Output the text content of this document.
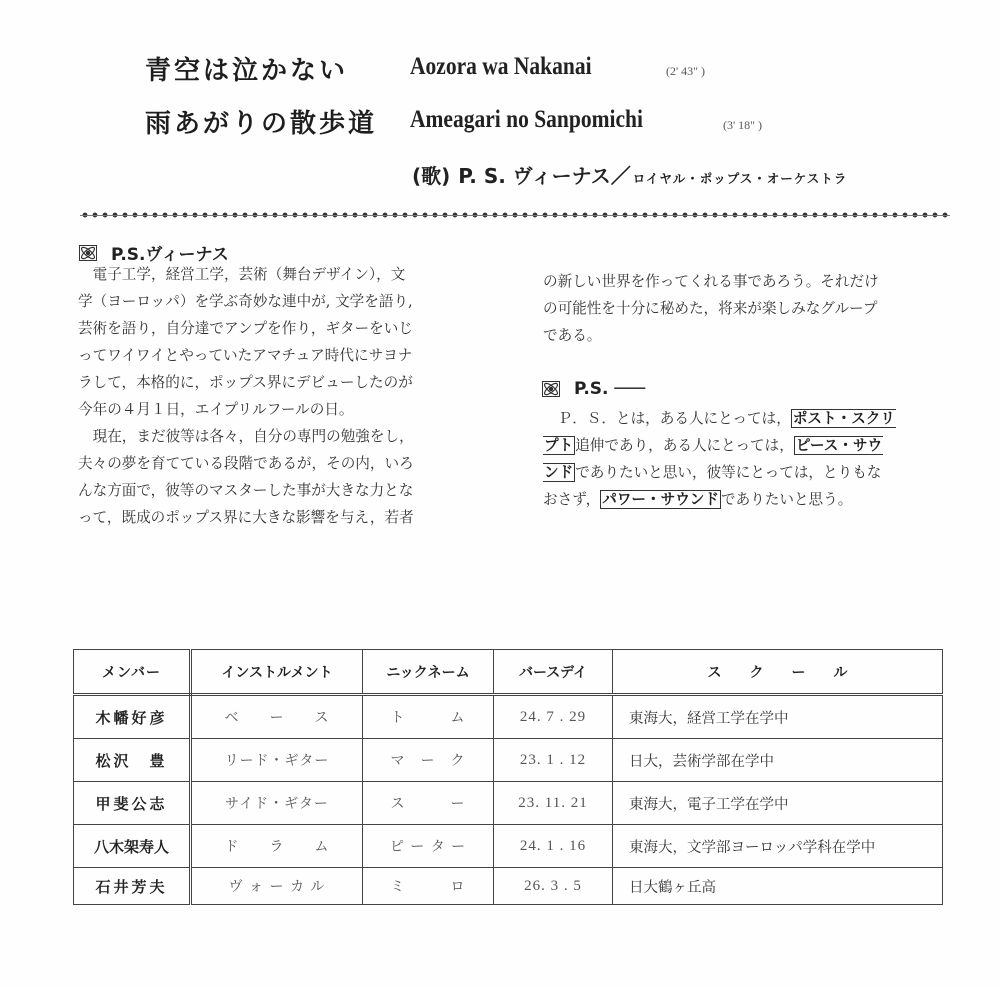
青空は泣かない Aozora wa Nakanai	(2' 43" )
雨あがりの散歩道 Ameagari no Sanpomichi	(3' 18" )
(歌) P. S. ヴィーナス／ ロイヤル・ポップス・オーケストラ
P.S.ヴィーナス
　電子工学，経営工学，芸術（舞台デザイン），文
学（ヨーロッパ）を学ぶ奇妙な連中が, 文学を語り,
芸術を語り，自分達でアンプを作り，ギターをいじ
ってワイワイとやっていたアマチュア時代にサヨナ
ラして，本格的に，ポップス界にデビューしたのが
今年の４月１日，エイプリルフールの日。
　現在，まだ彼等は各々，自分の専門の勉強をし，
夫々の夢を育てている段階であるが，その内，いろ
んな方面で，彼等のマスターした事が大きな力とな
って，既成のポップス界に大きな影響を与え，若者
の新しい世界を作ってくれる事であろう。それだけ
の可能性を十分に秘めた，将来が楽しみなグループ
である。
P.S. ───
　Ｐ．Ｓ．とは，ある人にとっては， ポスト・スクリ
プト 追伸であり，ある人にとっては， ピース・サウ
ンド でありたいと思い，彼等にとっては，とりもな
おさず， パワー・サウンド でありたいと思う。
メンバー	インストルメント	ニックネーム	バースデイ	ス　　ク　　ー　　ル
木幡好彦	ベ　　ー　　ス	ト　　　ム	24. 7 . 29	東海大，経営工学在学中
松沢　豊	リード・ギター	マ　ー　ク	23. 1 . 12	日大，芸術学部在学中
甲斐公志	サイド・ギター	ス　　　ー	23. 11. 21	東海大，電子工学在学中
八木架寿人	ド　　ラ　　ム	ピ ー タ ー	24. 1 . 16	東海大，文学部ヨーロッパ学科在学中
石井芳夫	ヴ ォ ー カ ル	ミ　　　ロ	26. 3 . 5	日大鶴ヶ丘高
